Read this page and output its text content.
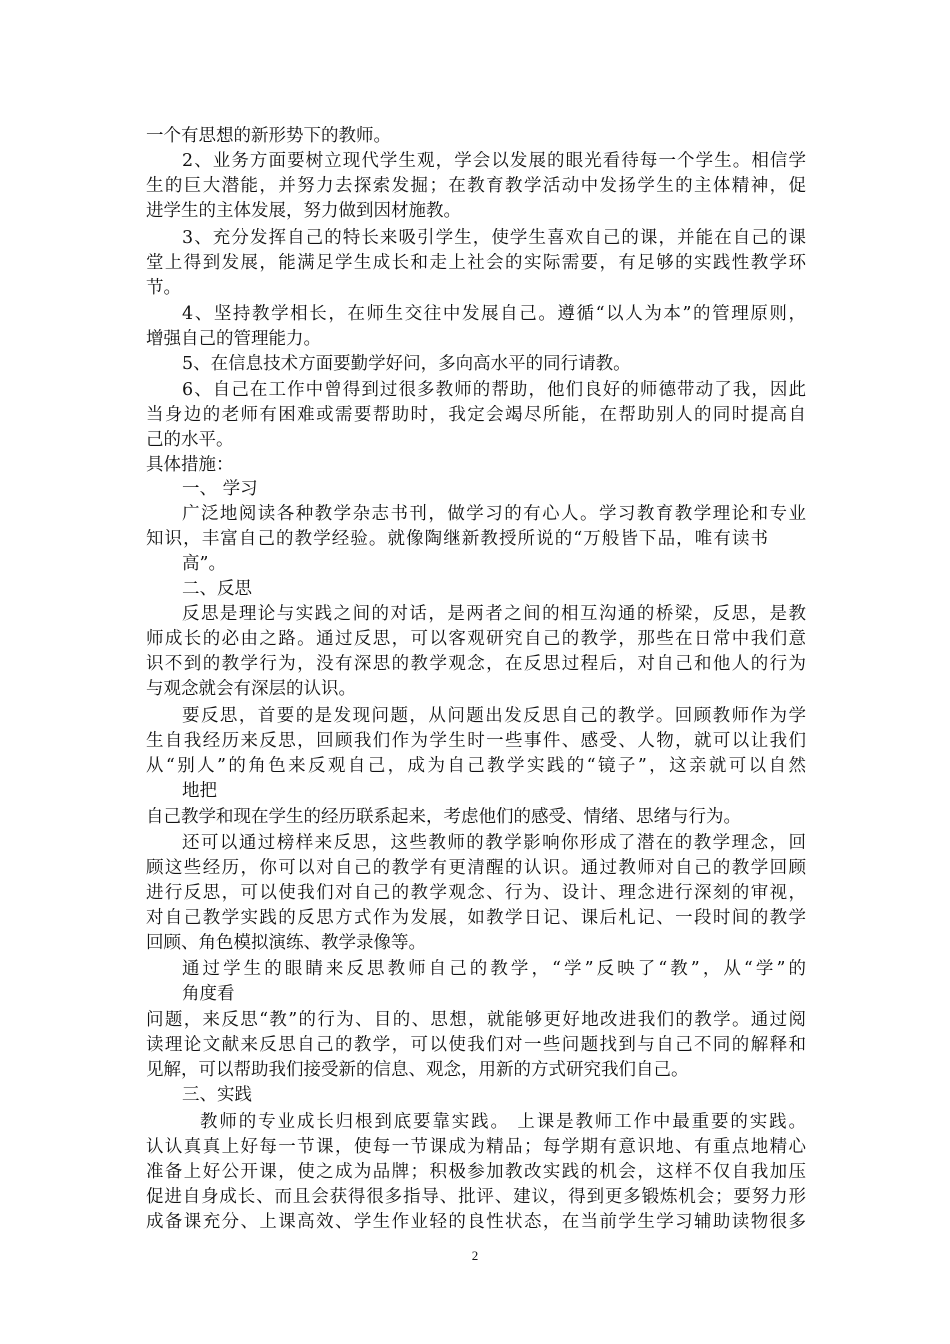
一个有思想的新形势下的教师。
2、业务方面要树立现代学生观，学会以发展的眼光看待每一个学生。相信学
生的巨大潜能，并努力去探索发掘；在教育教学活动中发扬学生的主体精神，促
进学生的主体发展，努力做到因材施教。
3、充分发挥自己的特长来吸引学生，使学生喜欢自己的课，并能在自己的课
堂上得到发展，能满足学生成长和走上社会的实际需要，有足够的实践性教学环
节。
4、坚持教学相长，在师生交往中发展自己。遵循“以人为本”的管理原则，
增强自己的管理能力。
5、在信息技术方面要勤学好问，多向高水平的同行请教。
6、自己在工作中曾得到过很多教师的帮助，他们良好的师德带动了我，因此
当身边的老师有困难或需要帮助时，我定会竭尽所能，在帮助别人的同时提高自
己的水平。
具体措施：
一、 学习
广泛地阅读各种教学杂志书刊，做学习的有心人。学习教育教学理论和专业
知识，丰富自己的教学经验。就像陶继新教授所说的“万般皆下品，唯有读书
高”。
二、反思
反思是理论与实践之间的对话，是两者之间的相互沟通的桥梁，反思，是教
师成长的必由之路。通过反思，可以客观研究自己的教学，那些在日常中我们意
识不到的教学行为，没有深思的教学观念，在反思过程后，对自己和他人的行为
与观念就会有深层的认识。
要反思，首要的是发现问题，从问题出发反思自己的教学。回顾教师作为学
生自我经历来反思，回顾我们作为学生时一些事件、感受、人物，就可以让我们
从“别人”的角色来反观自己，成为自己教学实践的“镜子”，这亲就可以自然
地把
自己教学和现在学生的经历联系起来，考虑他们的感受、情绪、思绪与行为。
还可以通过榜样来反思，这些教师的教学影响你形成了潜在的教学理念，回
顾这些经历，你可以对自己的教学有更清醒的认识。通过教师对自己的教学回顾
进行反思，可以使我们对自己的教学观念、行为、设计、理念进行深刻的审视，
对自己教学实践的反思方式作为发展，如教学日记、课后札记、一段时间的教学
回顾、角色模拟演练、教学录像等。
通过学生的眼睛来反思教师自己的教学，“学”反映了“教”，从“学”的
角度看
问题，来反思“教”的行为、目的、思想，就能够更好地改进我们的教学。通过阅
读理论文献来反思自己的教学，可以使我们对一些问题找到与自己不同的解释和
见解，可以帮助我们接受新的信息、观念，用新的方式研究我们自己。
三、实践
教师的专业成长归根到底要靠实践。 上课是教师工作中最重要的实践。
认认真真上好每一节课，使每一节课成为精品；每学期有意识地、有重点地精心
准备上好公开课，使之成为品牌；积极参加教改实践的机会，这样不仅自我加压
促进自身成长、而且会获得很多指导、批评、建议，得到更多锻炼机会；要努力形
成备课充分、上课高效、学生作业轻的良性状态，在当前学生学习辅助读物很多
2
